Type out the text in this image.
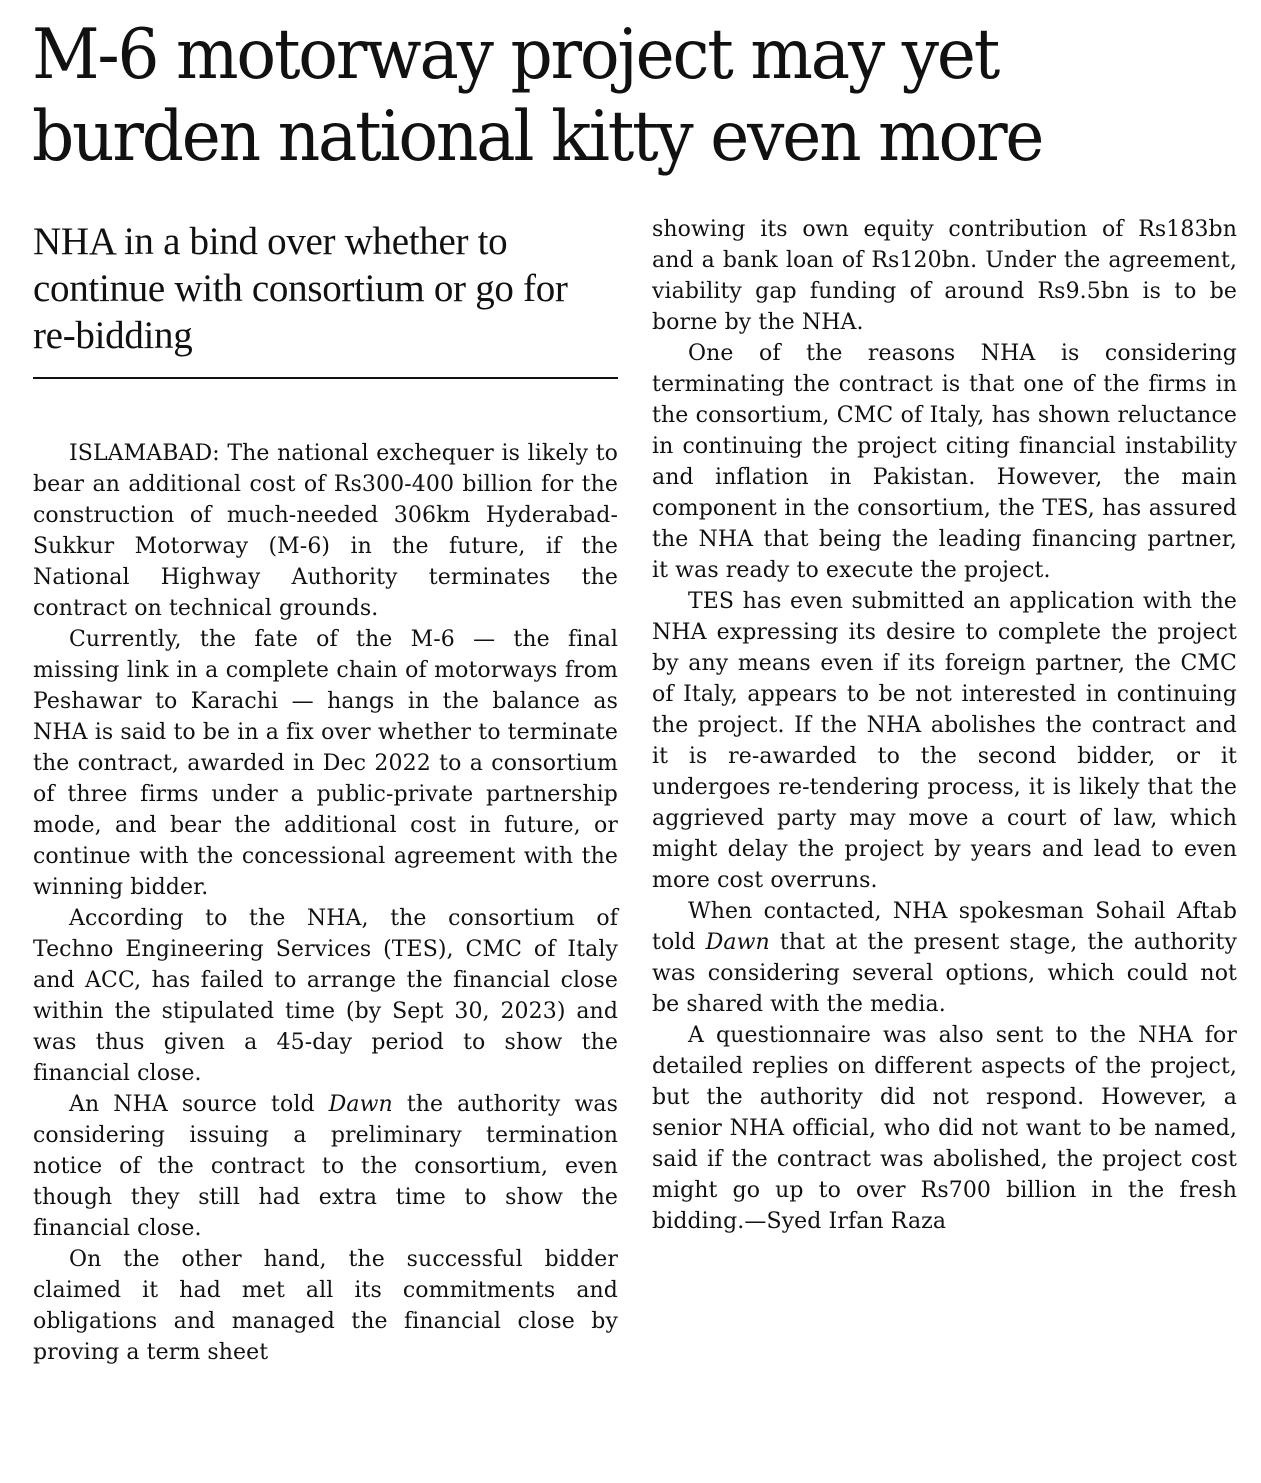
M-6 motorway project may yet burden national kitty even more
NHA in a bind over whether to continue with consortium or go for re-bidding

ISLAMABAD: The national exchequer is likely to bear an additional cost of Rs300-400 billion for the construction of much-needed 306km Hyderabad-Sukkur Motorway (M-6) in the future, if the National Highway Authority terminates the contract on technical grounds.

Currently, the fate of the M-6 — the final missing link in a complete chain of motorways from Peshawar to Karachi — hangs in the balance as NHA is said to be in a fix over whether to terminate the contract, awarded in Dec 2022 to a consortium of three firms under a public-private partnership mode, and bear the additional cost in future, or continue with the concessional agreement with the winning bidder.

According to the NHA, the consortium of Techno Engineering Services (TES), CMC of Italy and ACC, has failed to arrange the financial close within the stipulated time (by Sept 30, 2023) and was thus given a 45-day period to show the financial close.

An NHA source told Dawn the authority was considering issuing a preliminary termination notice of the contract to the consortium, even though they still had extra time to show the financial close.

On the other hand, the successful bidder claimed it had met all its commitments and obligations and managed the financial close by proving a term sheet

showing its own equity contribution of Rs183bn and a bank loan of Rs120bn. Under the agreement, viability gap funding of around Rs9.5bn is to be borne by the NHA.

One of the reasons NHA is considering terminating the contract is that one of the firms in the consortium, CMC of Italy, has shown reluctance in continuing the project citing financial instability and inflation in Pakistan. However, the main component in the consortium, the TES, has assured the NHA that being the leading financing partner, it was ready to execute the project.

TES has even submitted an application with the NHA expressing its desire to complete the project by any means even if its foreign partner, the CMC of Italy, appears to be not interested in continuing the project. If the NHA abolishes the contract and it is re-awarded to the second bidder, or it undergoes re-tendering process, it is likely that the aggrieved party may move a court of law, which might delay the project by years and lead to even more cost overruns.

When contacted, NHA spokesman Sohail Aftab told Dawn that at the present stage, the authority was considering several options, which could not be shared with the media.

A questionnaire was also sent to the NHA for detailed replies on different aspects of the project, but the authority did not respond. However, a senior NHA official, who did not want to be named, said if the contract was abolished, the project cost might go up to over Rs700 billion in the fresh bidding.—Syed Irfan Raza
